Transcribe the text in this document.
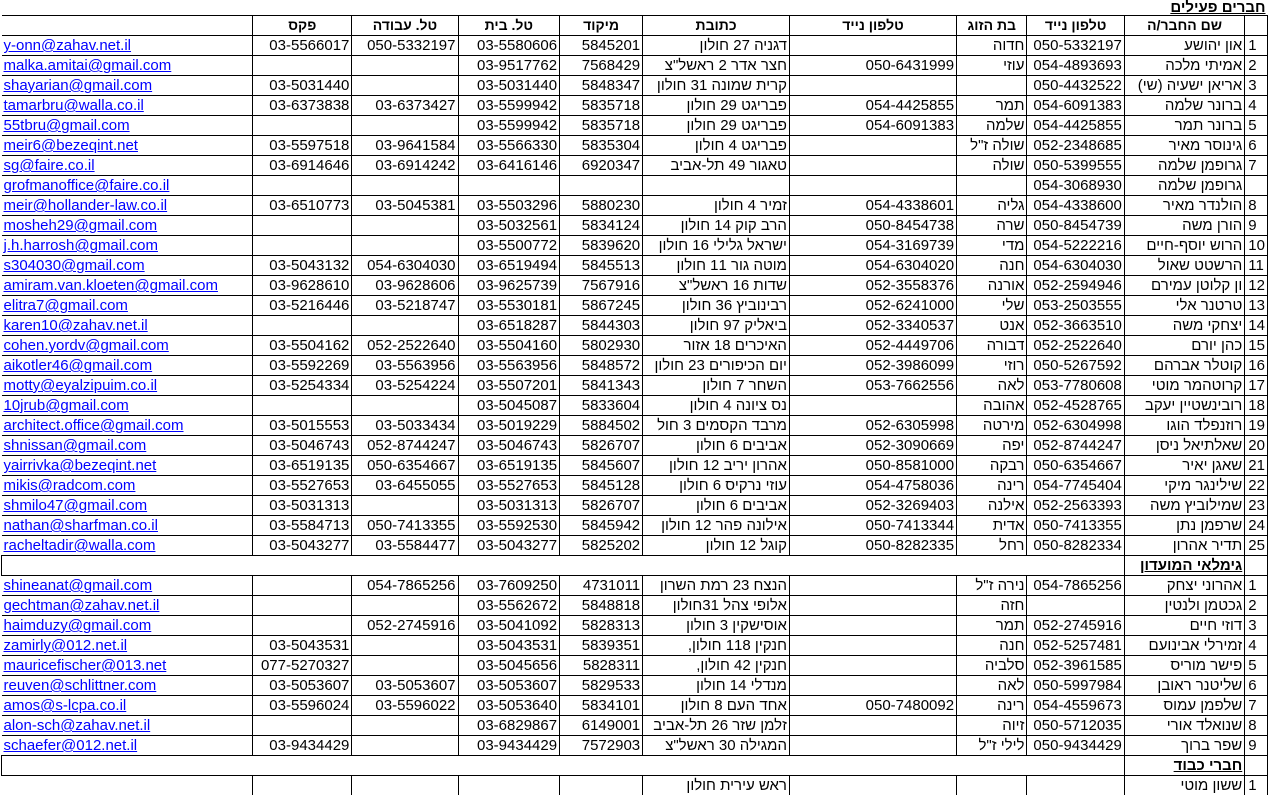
									חברים פעילים	
	פקס	טל. עבודה	טל. בית	מיקוד	כתובת	טלפון נייד	בת הזוג	טלפון נייד	שם החבר/ה	
y-onn@zahav.net.il	03-5566017	050-5332197	03-5580606	5845201	דגניה 27 חולון		חדוה	050-5332197	און יהושע	1
malka.amitai@gmail.com			03-9517762	7568429	חצר אדר 2 ראשל"צ	050-6431999	עוזי	054-4893693	אמיתי מלכה	2
shayarian@gmail.com	03-5031440		03-5031440	5848347	קרית שמונה 31 חולון			050-4432522	אריאן ישעיה (שי)	3
tamarbru@walla.co.il	03-6373838	03-6373427	03-5599942	5835718	פבריגט 29 חולון	054-4425855	תמר	054-6091383	ברונר שלמה	4
55tbru@gmail.com			03-5599942	5835718	פבריגט 29 חולון	054-6091383	שלמה	054-4425855	ברונר תמר	5
meir6@bezeqint.net	03-5597518	03-9641584	03-5566330	5835304	פבריגט 4 חולון		שולה ז"ל	052-2348685	גינוסר מאיר	6
sg@faire.co.il	03-6914646	03-6914242	03-6416146	6920347	טאגור 49 תל-אביב		שולה	050-5399555	גרופמן שלמה	7
grofmanoffice@faire.co.il								054-3068930	גרופמן שלמה	
meir@hollander-law.co.il	03-6510773	03-5045381	03-5503296	5880230	זמיר 4 חולון	054-4338601	גליה	054-4338600	הולנדר מאיר	8
mosheh29@gmail.com			03-5032561	5834124	הרב קוק 14 חולון	050-8454738	שרה	050-8454739	הורן משה	9
j.h.harrosh@gmail.com			03-5500772	5839620	ישראל גלילי 16 חולון	054-3169739	מדי	054-5222216	הרוש יוסף-חיים	10
s304030@gmail.com	03-5043132	054-6304030	03-6519494	5845513	מוטה גור 11 חולון	054-6304020	חנה	054-6304030	הרשטט שאול	11
amiram.van.kloeten@gmail.com	03-9628610	03-9628606	03-9625739	7567916	שדות 16 ראשל"צ	052-3558376	אורנה	052-2594946	ון קלוטן עמירם	12
elitra7@gmail.com	03-5216446	03-5218747	03-5530181	5867245	רבינוביץ 36 חולון	052-6241000	שלי	053-2503555	טרטנר אלי	13
karen10@zahav.net.il			03-6518287	5844303	ביאליק 97 חולון	052-3340537	אנט	052-3663510	יצחקי משה	14
cohen.yordv@gmail.com	03-5504162	052-2522640	03-5504160	5802930	האיכרים 18 אזור	052-4449706	דבורה	052-2522640	כהן יורם	15
aikotler46@gmail.com	03-5592269	03-5563956	03-5563956	5848572	יום הכיפורים 23 חולון	052-3986099	רוזי	050-5267592	קוטלר אברהם	16
motty@eyalzipuim.co.il	03-5254334	03-5254224	03-5507201	5841343	השחר 7 חולון	053-7662556	לאה	053-7780608	קרוטהמר מוטי	17
10jrub@gmail.com			03-5045087	5833604	נס ציונה 4 חולון		אהובה	052-4528765	רובינשטיין יעקב	18
architect.office@gmail.com	03-5015553	03-5033434	03-5019229	5884502	מרבד הקסמים 3 חול	052-6305998	מירטה	052-6304998	רוזנפלד הוגו	19
shnissan@gmail.com	03-5046743	052-8744247	03-5046743	5826707	אביבים 6 חולון	052-3090669	יפה	052-8744247	שאלתיאל ניסן	20
yairrivka@bezeqint.net	03-6519135	050-6354667	03-6519135	5845607	אהרון יריב 12 חולון	050-8581000	רבקה	050-6354667	שאגן יאיר	21
mikis@radcom.com	03-5527653	03-6455055	03-5527653	5845128	עוזי נרקיס 6 חולון	054-4758036	רינה	054-7745404	שילינגר מיקי	22
shmilo47@gmail.com	03-5031313		03-5031313	5826707	אביבים 6 חולון	052-3269403	אילנה	052-2563393	שמילוביץ משה	23
nathan@sharfman.co.il	03-5584713	050-7413355	03-5592530	5845942	אילונה פהר 12 חולון	050-7413344	אדית	050-7413355	שרפמן נתן	24
racheltadir@walla.com	03-5043277	03-5584477	03-5043277	5825202	קוגל 12 חולון	050-8282335	רחל	050-8282334	תדיר אהרון	25
									גימלאי המועדון	
shineanat@gmail.com		054-7865256	03-7609250	4731011	הנצח 23 רמת השרון		נירה ז"ל	054-7865256	אהרוני יצחק	1
gechtman@zahav.net.il			03-5562672	5848818	אלופי צהל 31חולון		חזה		גכטמן ולנטין	2
haimduzy@gmail.com		052-2745916	03-5041092	5828313	אוסישקין 3 חולון		תמר	052-2745916	דוזי חיים	3
zamirly@012.net.il	03-5043531		03-5043531	5839351	חנקין 118 חולון,		חנה	052-5257481	זמירלי אבינועם	4
mauricefischer@013.net	077-5270327		03-5045656	5828311	חנקין 42 חולון,		סלביה	052-3961585	פישר מוריס	5
reuven@schlittner.com	03-5053607	03-5053607	03-5053607	5829533	מנדלי 14 חולון		לאה	050-5997984	שליטנר ראובן	6
amos@s-lcpa.co.il	03-5596024	03-5596022	03-5053640	5834101	אחד העם 8 חולון	050-7480092	רינה	054-4559673	שלפמן עמוס	7
alon-sch@zahav.net.il			03-6829867	6149001	זלמן שזר 26 תל-אביב		זיוה	050-5712035	שנואלד אורי	8
schaefer@012.net.il	03-9434429		03-9434429	7572903	המגילה 30 ראשל"צ		לילי ז"ל	050-9434429	שפר ברוך	9
									חברי כבוד	
					ראש עירית חולון				ששון מוטי	1
